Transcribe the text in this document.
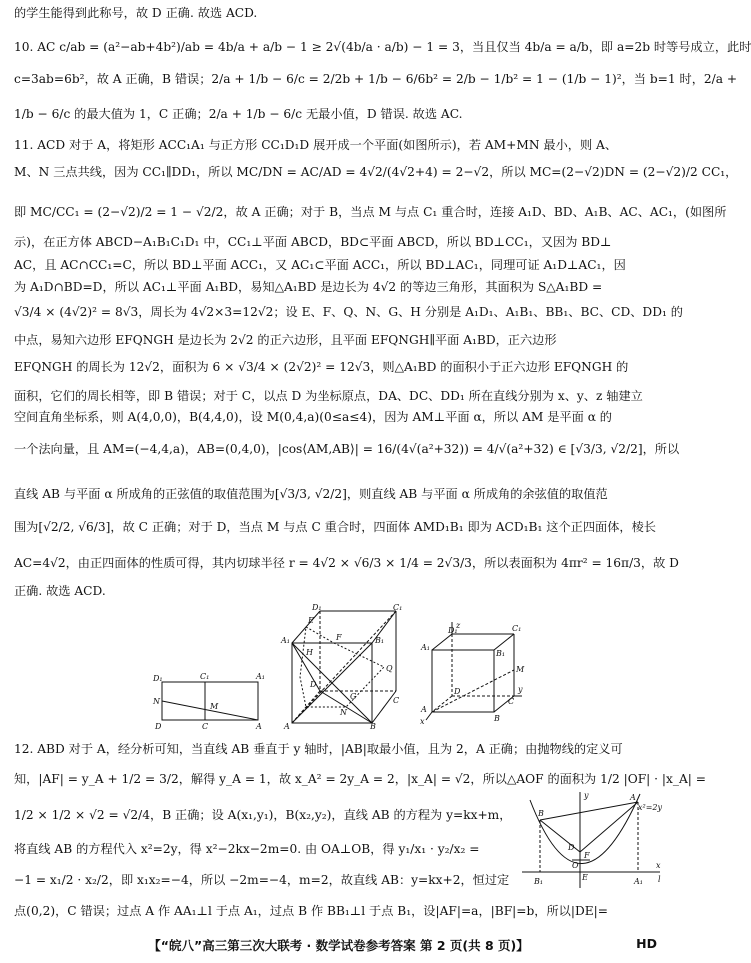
的学生能得到此称号，故 D 正确. 故选 ACD.
10. AC c/ab = (a²−ab+4b²)/ab = 4b/a + a/b − 1 ≥ 2√(4b/a · a/b) − 1 = 3，当且仅当 4b/a = a/b，即 a=2b 时等号成立，此时
c=3ab=6b²，故 A 正确，B 错误；2/a + 1/b − 6/c = 2/2b + 1/b − 6/6b² = 2/b − 1/b² = 1 − (1/b − 1)²，当 b=1 时，2/a +
1/b − 6/c 的最大值为 1，C 正确；2/a + 1/b − 6/c 无最小值，D 错误. 故选 AC.
11. ACD 对于 A，将矩形 ACC₁A₁ 与正方形 CC₁D₁D 展开成一个平面(如图所示)，若 AM+MN 最小，则 A、
M、N 三点共线，因为 CC₁∥DD₁，所以 MC/DN = AC/AD = 4√2/(4√2+4) = 2−√2，所以 MC=(2−√2)DN = (2−√2)/2 CC₁，
即 MC/CC₁ = (2−√2)/2 = 1 − √2/2，故 A 正确；对于 B，当点 M 与点 C₁ 重合时，连接 A₁D、BD、A₁B、AC、AC₁，(如图所
示)，在正方体 ABCD−A₁B₁C₁D₁ 中，CC₁⊥平面 ABCD，BD⊂平面 ABCD，所以 BD⊥CC₁，又因为 BD⊥
AC，且 AC∩CC₁=C，所以 BD⊥平面 ACC₁，又 AC₁⊂平面 ACC₁，所以 BD⊥AC₁，同理可证 A₁D⊥AC₁，因
为 A₁D∩BD=D，所以 AC₁⊥平面 A₁BD，易知△A₁BD 是边长为 4√2 的等边三角形，其面积为 S△A₁BD =
√3/4 × (4√2)² = 8√3，周长为 4√2×3=12√2；设 E、F、Q、N、G、H 分别是 A₁D₁、A₁B₁、BB₁、BC、CD、DD₁ 的
中点，易知六边形 EFQNGH 是边长为 2√2 的正六边形，且平面 EFQNGH∥平面 A₁BD，正六边形
EFQNGH 的周长为 12√2，面积为 6 × √3/4 × (2√2)² = 12√3，则△A₁BD 的面积小于正六边形 EFQNGH 的
面积，它们的周长相等，即 B 错误；对于 C，以点 D 为坐标原点，DA、DC、DD₁ 所在直线分别为 x、y、z 轴建立
空间直角坐标系，则 A(4,0,0)，B(4,4,0)，设 M(0,4,a)(0≤a≤4)，因为 AM⊥平面 α，所以 AM 是平面 α 的
一个法向量，且 AM=(−4,4,a)，AB=(0,4,0)，|cos⟨AM,AB⟩| = 16/(4√(a²+32)) = 4/√(a²+32) ∈ [√3/3, √2/2]，所以
直线 AB 与平面 α 所成角的正弦值的取值范围为[√3/3, √2/2]，则直线 AB 与平面 α 所成角的余弦值的取值范
围为[√2/2, √6/3]，故 C 正确；对于 D，当点 M 与点 C 重合时，四面体 AMD₁B₁ 即为 ACD₁B₁ 这个正四面体，棱长
AC=4√2，由正四面体的性质可得，其内切球半径 r = 4√2 × √6/3 × 1/4 = 2√3/3，所以表面积为 4πr² = 16π/3，故 D
正确. 故选 ACD.
D₁	C₁	A₁
N
M
D	C	A
D₁	C₁
A₁	B₁
E
F
H
Q
D
C
G
N
A	B
z
D₁	C₁
A₁
B₁
M
D
C
y
A
B
x
12. ABD 对于 A，经分析可知，当直线 AB 垂直于 y 轴时，|AB|取最小值，且为 2，A 正确；由抛物线的定义可
知，|AF| = y_A + 1/2 = 3/2，解得 y_A = 1，故 x_A² = 2y_A = 2，|x_A| = √2，所以△AOF 的面积为 1/2 |OF| · |x_A| =
1/2 × 1/2 × √2 = √2/4，B 正确；设 A(x₁,y₁)，B(x₂,y₂)，直线 AB 的方程为 y=kx+m，
将直线 AB 的方程代入 x²=2y，得 x²−2kx−2m=0. 由 OA⊥OB，得 y₁/x₁ · y₂/x₂ =
−1 = x₁/2 · x₂/2，即 x₁x₂=−4，所以 −2m=−4，m=2，故直线 AB：y=kx+2，恒过定
点(0,2)，C 错误；过点 A 作 AA₁⊥l 于点 A₁，过点 B 作 BB₁⊥l 于点 B₁，设|AF|=a，|BF|=b，所以|DE|=
y
B
A
x²=2y
D
O
E
F
B₁	A₁
x
l
【“皖八”高三第三次大联考 · 数学试卷参考答案 第 2 页(共 8 页)】	HD
